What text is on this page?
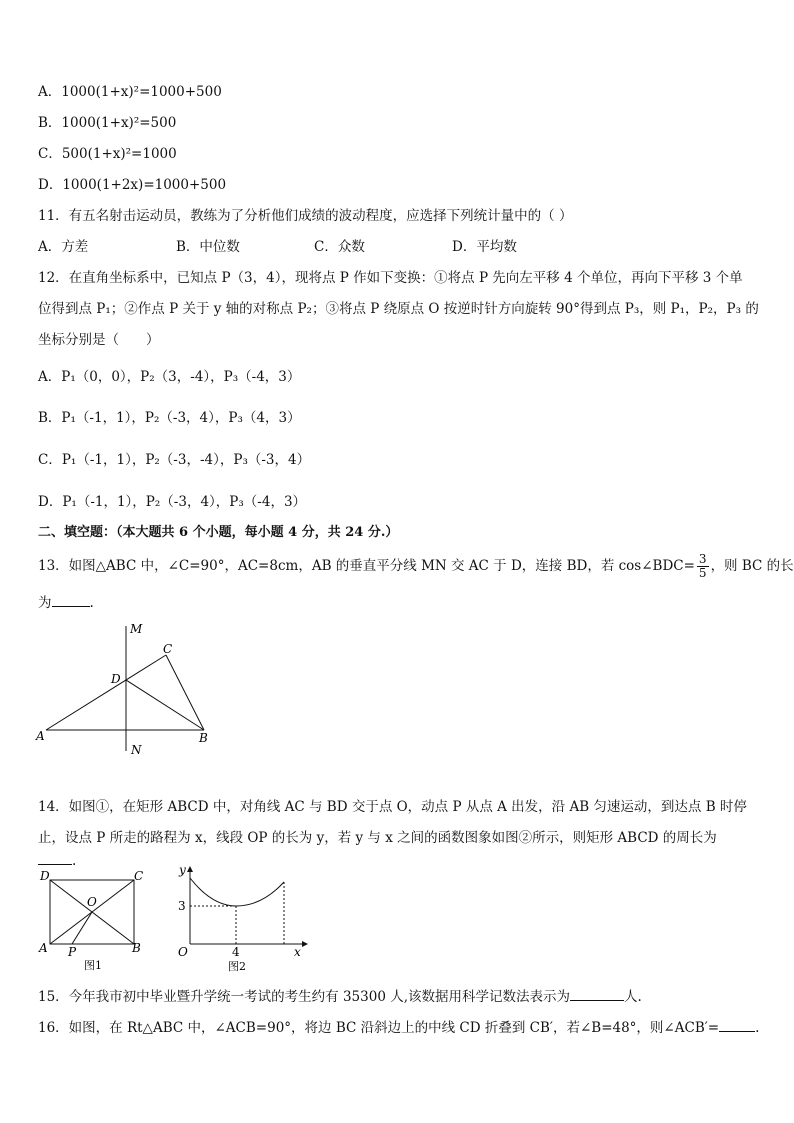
A．1000(1+x)²=1000+500
B．1000(1+x)²=500
C．500(1+x)²=1000
D．1000(1+2x)=1000+500
11．有五名射击运动员，教练为了分析他们成绩的波动程度，应选择下列统计量中的（ ）
A．方差	B．中位数	C．众数	D．平均数
12．在直角坐标系中，已知点 P（3，4），现将点 P 作如下变换：①将点 P 先向左平移 4 个单位，再向下平移 3 个单
位得到点 P₁；②作点 P 关于 y 轴的对称点 P₂；③将点 P 绕原点 O 按逆时针方向旋转 90°得到点 P₃，则 P₁，P₂，P₃ 的
坐标分别是（　　）
A．P₁（0，0），P₂（3，-4），P₃（-4，3）
B．P₁（-1，1），P₂（-3，4），P₃（4，3）
C．P₁（-1，1），P₂（-3，-4），P₃（-3，4）
D．P₁（-1，1），P₂（-3，4），P₃（-4，3）
二、填空题：（本大题共 6 个小题，每小题 4 分，共 24 分.）
13．如图△ABC 中，∠C=90°，AC=8cm，AB 的垂直平分线 MN 交 AC 于 D，连接 BD，若 cos∠BDC= $\frac{3}{5}$ ，则 BC 的长
为	.
M
N
A	B
C
D
14．如图①，在矩形 ABCD 中，对角线 AC 与 BD 交于点 O，动点 P 从点 A 出发，沿 AB 匀速运动，到达点 B 时停
止，设点 P 所走的路程为 x，线段 OP 的长为 y，若 y 与 x 之间的函数图象如图②所示，则矩形 ABCD 的周长为
.
D	C
O
A P	B
图1
y
x
O
3
4
图2
15．今年我市初中毕业暨升学统一考试的考生约有 35300 人,该数据用科学记数法表示为	人.
16．如图，在 Rt△ABC 中，∠ACB=90°，将边 BC 沿斜边上的中线 CD 折叠到 CB′，若∠B=48°，则∠ACB′=	.
